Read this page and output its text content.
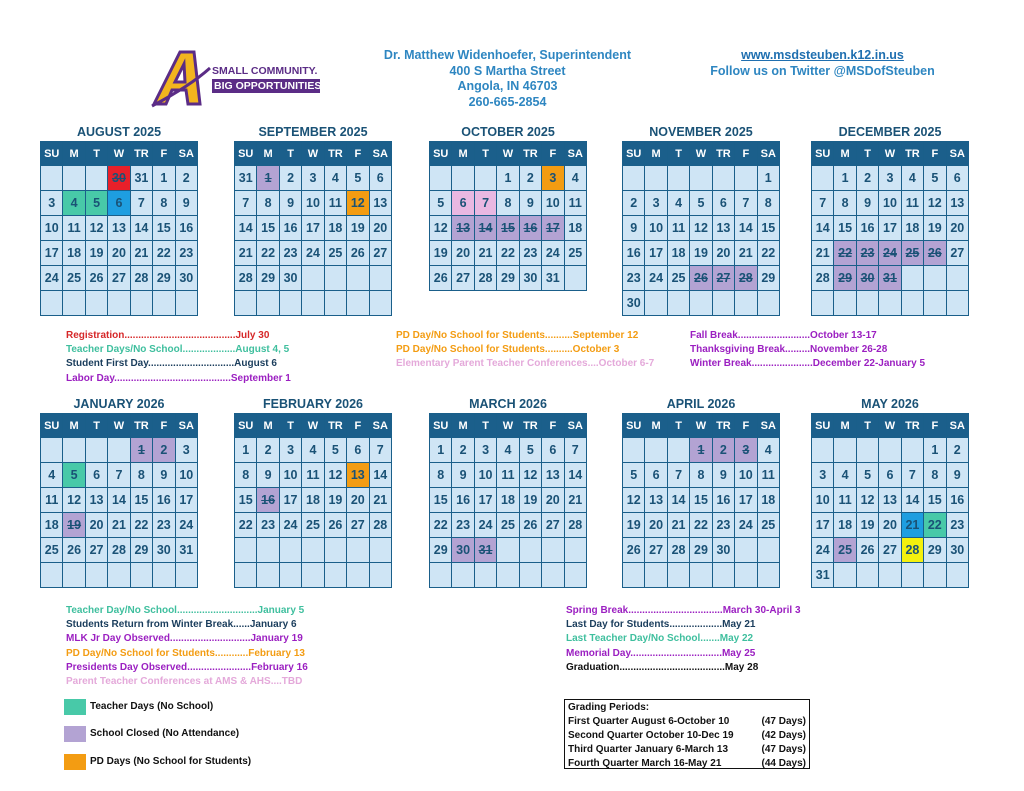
SMALL COMMUNITY.
BIG OPPORTUNITIES.
Dr. Matthew Widenhoefer, Superintendent
400 S Martha Street
Angola, IN 46703
260-665-2854
www.msdsteuben.k12.in.us
Follow us on Twitter @MSDofSteuben
AUGUST 2025
SU	M	T	W	TR	F	SA
			30	31	1	2
3	4	5	6	7	8	9
10	11	12	13	14	15	16
17	18	19	20	21	22	23
24	25	26	27	28	29	30

SEPTEMBER 2025
SU	M	T	W	TR	F	SA
31	1	2	3	4	5	6
7	8	9	10	11	12	13
14	15	16	17	18	19	20
21	22	23	24	25	26	27
28	29	30				

OCTOBER 2025
SU	M	T	W	TR	F	SA
			1	2	3	4
5	6	7	8	9	10	11
12	13	14	15	16	17	18
19	20	21	22	23	24	25
26	27	28	29	30	31	
NOVEMBER 2025
SU	M	T	W	TR	F	SA
						1
2	3	4	5	6	7	8
9	10	11	12	13	14	15
16	17	18	19	20	21	22
23	24	25	26	27	28	29
30						
DECEMBER 2025
SU	M	T	W	TR	F	SA
	1	2	3	4	5	6
7	8	9	10	11	12	13
14	15	16	17	18	19	20
21	22	23	24	25	26	27
28	29	30	31			

JANUARY 2026
SU	M	T	W	TR	F	SA
				1	2	3
4	5	6	7	8	9	10
11	12	13	14	15	16	17
18	19	20	21	22	23	24
25	26	27	28	29	30	31

FEBRUARY 2026
SU	M	T	W	TR	F	SA
1	2	3	4	5	6	7
8	9	10	11	12	13	14
15	16	17	18	19	20	21
22	23	24	25	26	27	28

MARCH 2026
SU	M	T	W	TR	F	SA
1	2	3	4	5	6	7
8	9	10	11	12	13	14
15	16	17	18	19	20	21
22	23	24	25	26	27	28
29	30	31				

APRIL 2026
SU	M	T	W	TR	F	SA
			1	2	3	4
5	6	7	8	9	10	11
12	13	14	15	16	17	18
19	20	21	22	23	24	25
26	27	28	29	30		

MAY 2026
SU	M	T	W	TR	F	SA
					1	2
3	4	5	6	7	8	9
10	11	12	13	14	15	16
17	18	19	20	21	22	23
24	25	26	27	28	29	30
31						
Registration........................................July 30
Teacher Days/No School...................August 4, 5
Student First Day...............................August 6
Labor Day..........................................September 1
PD Day/No School for Students..........September 12
PD Day/No School for Students..........October 3
Elementary Parent Teacher Conferences....October 6-7
Fall Break..........................October 13-17
Thanksgiving Break.........November 26-28
Winter Break......................December 22-January 5
Teacher Day/No School.............................January 5
Students Return from Winter Break......January 6
MLK Jr Day Observed.............................January 19
PD Day/No School for Students............February 13
Presidents Day Observed.......................February 16
Parent Teacher Conferences at AMS & AHS....TBD
Spring Break..................................March 30-April 3
Last Day for Students...................May 21
Last Teacher Day/No School.......May 22
Memorial Day.................................May 25
Graduation......................................May 28
Teacher Days (No School)
School Closed (No Attendance)
PD Days (No School for Students)
Grading Periods:
First Quarter August 6-October 10	(47 Days)
Second Quarter October 10-Dec 19	(42 Days)
Third Quarter January 6-March 13	(47 Days)
Fourth Quarter March 16-May 21	(44 Days)
